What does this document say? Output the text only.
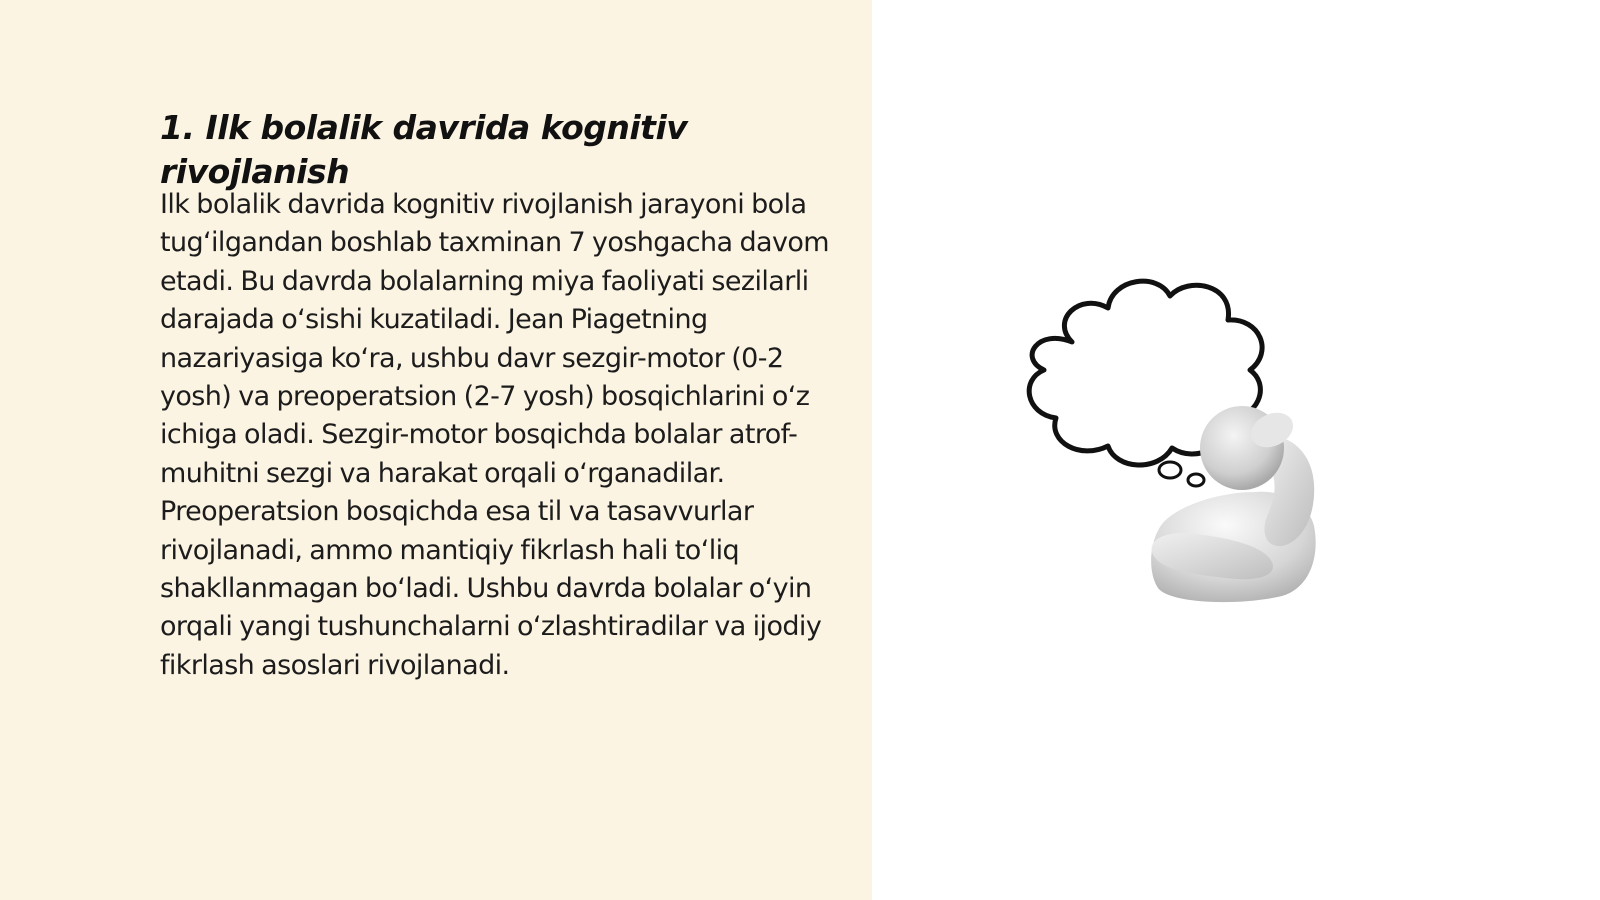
1. Ilk bolalik davrida kognitiv rivojlanish

Ilk bolalik davrida kognitiv rivojlanish jarayoni bola tug‘ilgandan boshlab taxminan 7 yoshgacha davom etadi. Bu davrda bolalarning miya faoliyati sezilarli darajada o‘sishi kuzatiladi. Jean Piagetning nazariyasiga ko‘ra, ushbu davr sezgir-motor (0-2 yosh) va preoperatsion (2-7 yosh) bosqichlarini o‘z ichiga oladi. Sezgir-motor bosqichda bolalar atrof-muhitni sezgi va harakat orqali o‘rganadilar. Preoperatsion bosqichda esa til va tasavvurlar rivojlanadi, ammo mantiqiy fikrlash hali to‘liq shakllanmagan bo‘ladi. Ushbu davrda bolalar o‘yin orqali yangi tushunchalarni o‘zlashtiradilar va ijodiy fikrlash asoslari rivojlanadi.
